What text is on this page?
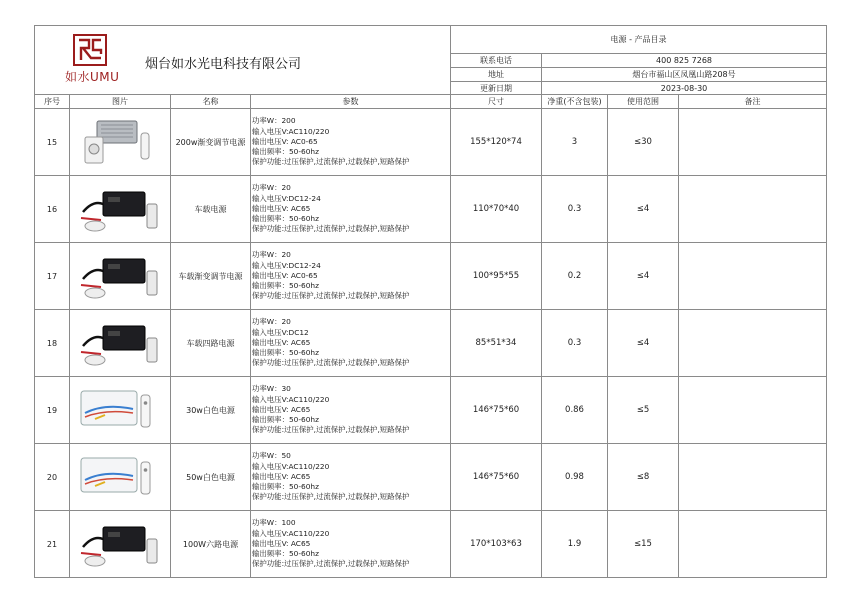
如水UMU
烟台如水光电科技有限公司				电源 - 产品目录			
				联系电话	400 825 7268		
				地址	烟台市福山区凤凰山路208号		
				更新日期	2023-08-30		
序号	图片	名称	参数	尺寸	净重(不含包装)	使用范围	备注
15		200w渐变调节电源	功率W：200
输入电压V:AC110/220
输出电压V: AC0-65
输出频率：50-60hz
保护功能:过压保护,过流保护,过载保护,短路保护	155*120*74	3	≤30	
16		车载电源	功率W：20
输入电压V:DC12-24
输出电压V: AC65
输出频率：50-60hz
保护功能:过压保护,过流保护,过载保护,短路保护	110*70*40	0.3	≤4	
17		车载渐变调节电源	功率W：20
输入电压V:DC12-24
输出电压V: AC0-65
输出频率：50-60hz
保护功能:过压保护,过流保护,过载保护,短路保护	100*95*55	0.2	≤4	
18		车载四路电源	功率W：20
输入电压V:DC12
输出电压V: AC65
输出频率：50-60hz
保护功能:过压保护,过流保护,过载保护,短路保护	85*51*34	0.3	≤4	
19		30w白色电源	功率W：30
输入电压V:AC110/220
输出电压V: AC65
输出频率：50-60hz
保护功能:过压保护,过流保护,过载保护,短路保护	146*75*60	0.86	≤5	
20		50w白色电源	功率W：50
输入电压V:AC110/220
输出电压V: AC65
输出频率：50-60hz
保护功能:过压保护,过流保护,过载保护,短路保护	146*75*60	0.98	≤8	
21		100W六路电源	功率W：100
输入电压V:AC110/220
输出电压V: AC65
输出频率：50-60hz
保护功能:过压保护,过流保护,过载保护,短路保护	170*103*63	1.9	≤15	
